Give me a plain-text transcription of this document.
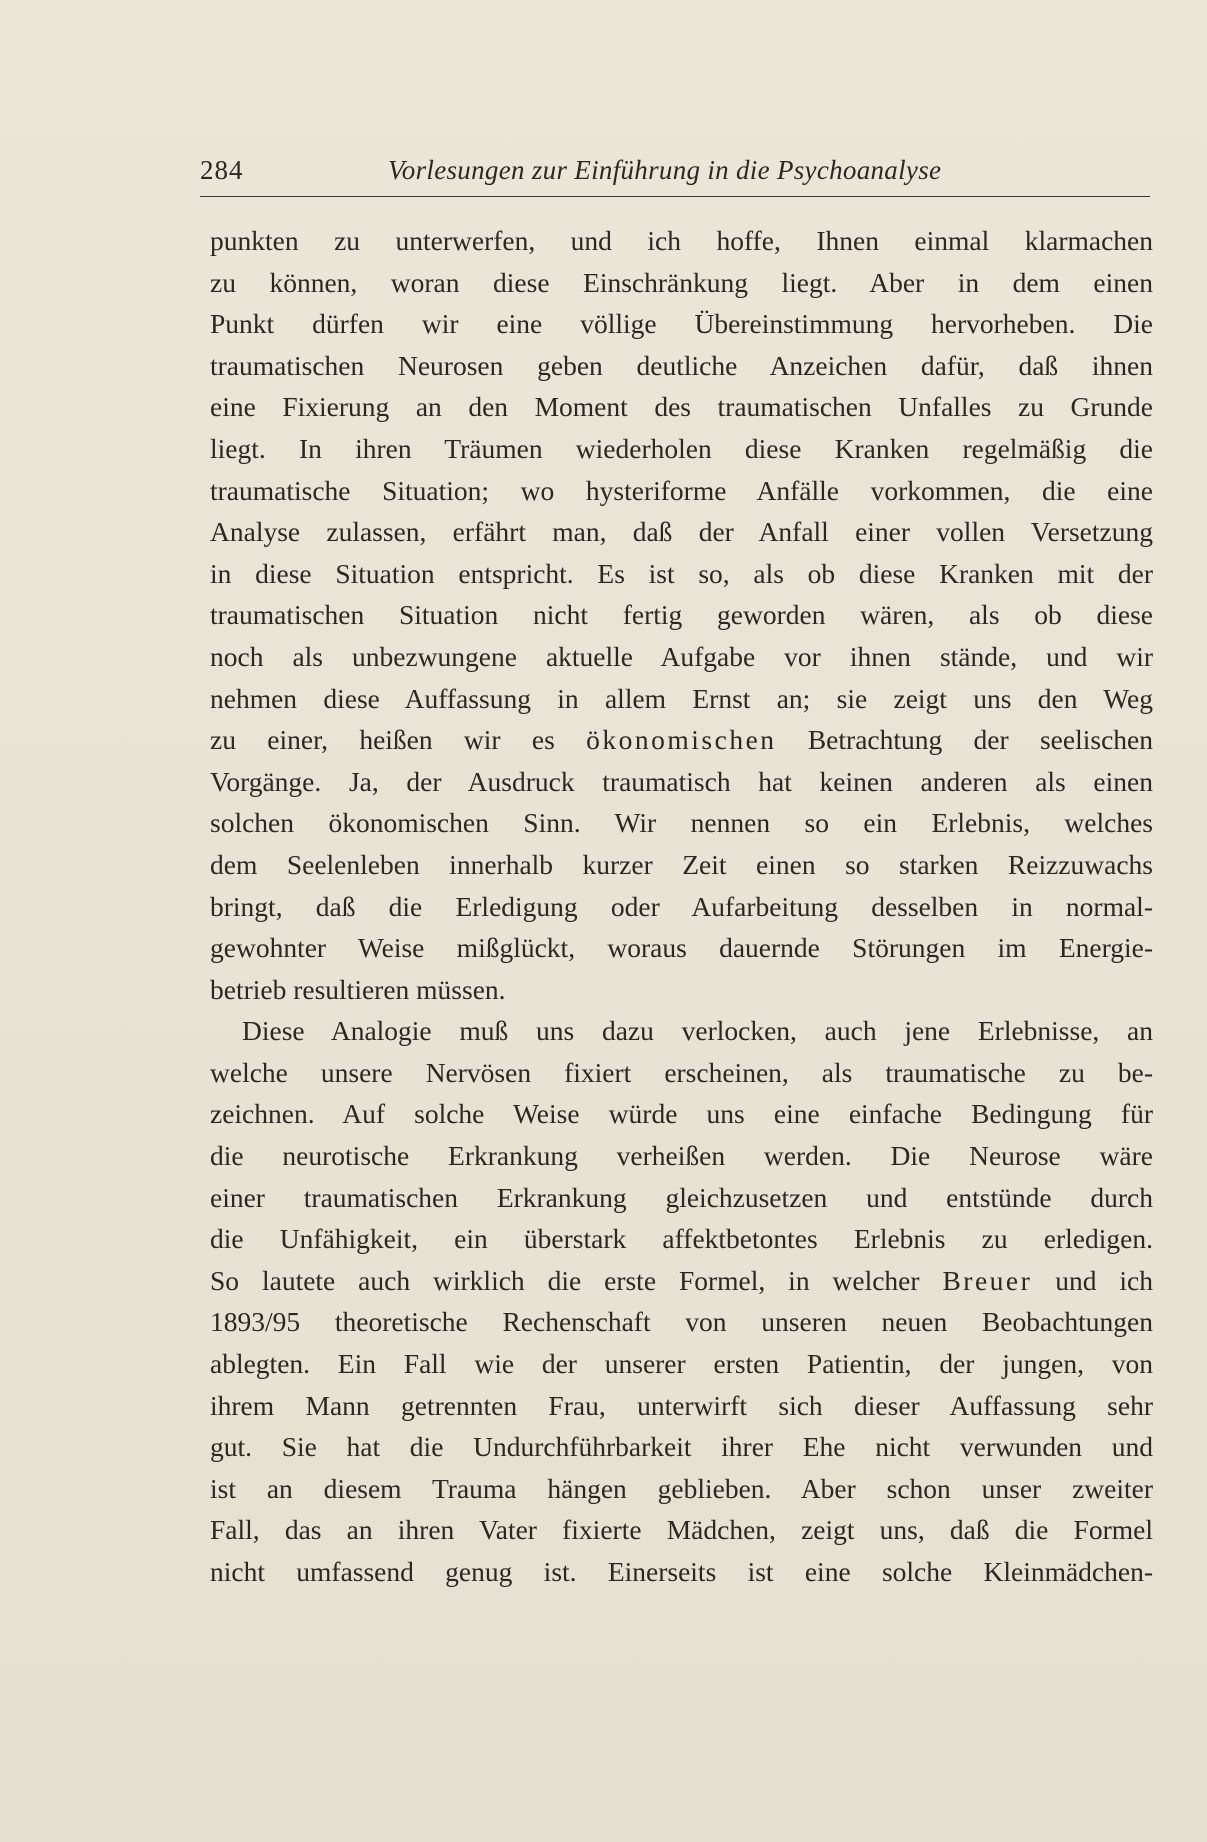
284	Vorlesungen zur Einführung in die Psychoanalyse
punkten zu unterwerfen, und ich hoffe, Ihnen einmal klarmachen
zu können, woran diese Einschränkung liegt. Aber in dem einen
Punkt dürfen wir eine völlige Übereinstimmung hervorheben. Die
traumatischen Neurosen geben deutliche Anzeichen dafür, daß ihnen
eine Fixierung an den Moment des traumatischen Unfalles zu Grunde
liegt. In ihren Träumen wiederholen diese Kranken regelmäßig die
traumatische Situation; wo hysteriforme Anfälle vorkommen, die eine
Analyse zulassen, erfährt man, daß der Anfall einer vollen Versetzung
in diese Situation entspricht. Es ist so, als ob diese Kranken mit der
traumatischen Situation nicht fertig geworden wären, als ob diese
noch als unbezwungene aktuelle Aufgabe vor ihnen stände, und wir
nehmen diese Auffassung in allem Ernst an; sie zeigt uns den Weg
zu einer, heißen wir es ökonomischen Betrachtung der seelischen
Vorgänge. Ja, der Ausdruck traumatisch hat keinen anderen als einen
solchen ökonomischen Sinn. Wir nennen so ein Erlebnis, welches
dem Seelenleben innerhalb kurzer Zeit einen so starken Reizzuwachs
bringt, daß die Erledigung oder Aufarbeitung desselben in normal-
gewohnter Weise mißglückt, woraus dauernde Störungen im Energie-
betrieb resultieren müssen.
Diese Analogie muß uns dazu verlocken, auch jene Erlebnisse, an
welche unsere Nervösen fixiert erscheinen, als traumatische zu be-
zeichnen. Auf solche Weise würde uns eine einfache Bedingung für
die neurotische Erkrankung verheißen werden. Die Neurose wäre
einer traumatischen Erkrankung gleichzusetzen und entstünde durch
die Unfähigkeit, ein überstark affektbetontes Erlebnis zu erledigen.
So lautete auch wirklich die erste Formel, in welcher Breuer und ich
1893/95 theoretische Rechenschaft von unseren neuen Beobachtungen
ablegten. Ein Fall wie der unserer ersten Patientin, der jungen, von
ihrem Mann getrennten Frau, unterwirft sich dieser Auffassung sehr
gut. Sie hat die Undurchführbarkeit ihrer Ehe nicht verwunden und
ist an diesem Trauma hängen geblieben. Aber schon unser zweiter
Fall, das an ihren Vater fixierte Mädchen, zeigt uns, daß die Formel
nicht umfassend genug ist. Einerseits ist eine solche Kleinmädchen-
